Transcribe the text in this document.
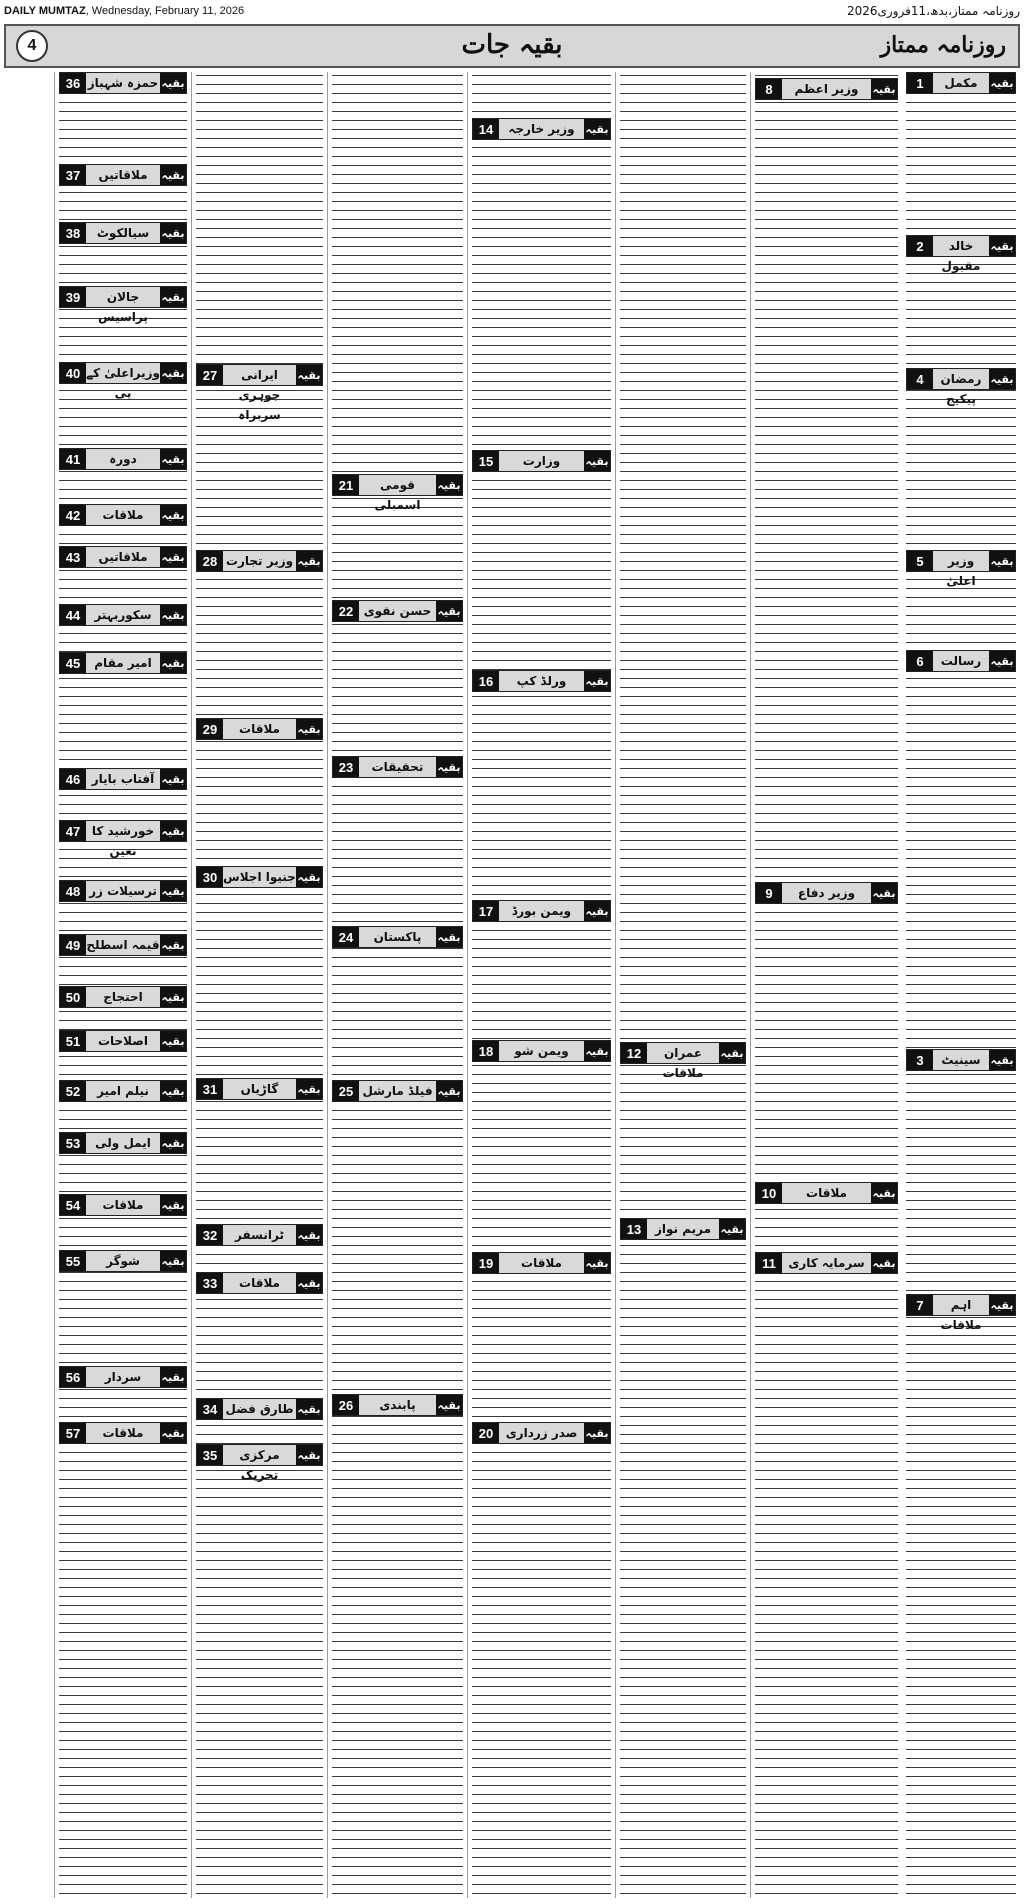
DAILY MUMTAZ, Wednesday, February 11, 2026	روزنامہ ممتاز،بدھ،11فروری2026
4	بقیہ جات	روزنامہ ممتاز
بقیہ
مکمل
1
بقیہ
خالد مقبول
2
بقیہ
رمضان پیکیج
4
بقیہ
وزیر اعلیٰ
5
بقیہ
رسالت
6
بقیہ
سینیٹ
3
بقیہ
اہم ملاقات
7
بقیہ
وزیر اعظم
8
بقیہ
وزیر دفاع
9
بقیہ
ملاقات
10
بقیہ
سرمایہ کاری
11
بقیہ
عمران ملاقات
12
بقیہ
مریم نواز
13
بقیہ
وزیر خارجہ
14
بقیہ
وزارت
15
بقیہ
ورلڈ کپ
16
بقیہ
ویمن بورڈ
17
بقیہ
ویمن شو
18
بقیہ
ملاقات
19
بقیہ
صدر زرداری
20
بقیہ
قومی اسمبلی
21
بقیہ
حسن نقوی
22
بقیہ
تحقیقات
23
بقیہ
پاکستان
24
بقیہ
فیلڈ مارشل
25
بقیہ
پابندی
26
بقیہ
ایرانی جوہری سربراہ
27
بقیہ
وزیر تجارت
28
بقیہ
ملاقات
29
بقیہ
جنیوا اجلاس
30
بقیہ
گاڑیاں
31
بقیہ
ٹرانسفر
32
بقیہ
ملاقات
33
بقیہ
طارق فضل
34
بقیہ
مرکزی تحریک
35
بقیہ
حمزہ شہباز
36
بقیہ
ملاقاتیں
37
بقیہ
سیالکوٹ
38
بقیہ
جالان پراسیس
39
بقیہ
وزیراعلیٰ کے پی
40
بقیہ
دورہ
41
بقیہ
ملاقات
42
بقیہ
ملاقاتیں
43
بقیہ
سکوربہتر
44
بقیہ
امیر مقام
45
بقیہ
آفتاب بایار
46
بقیہ
خورشید کا تعین
47
بقیہ
ترسیلات زر
48
بقیہ
قیمہ اسطلح
49
بقیہ
احتجاج
50
بقیہ
اصلاحات
51
بقیہ
نیلم امیر
52
بقیہ
ایمل ولی
53
بقیہ
ملاقات
54
بقیہ
شوگر
55
بقیہ
سردار
56
بقیہ
ملاقات
57
